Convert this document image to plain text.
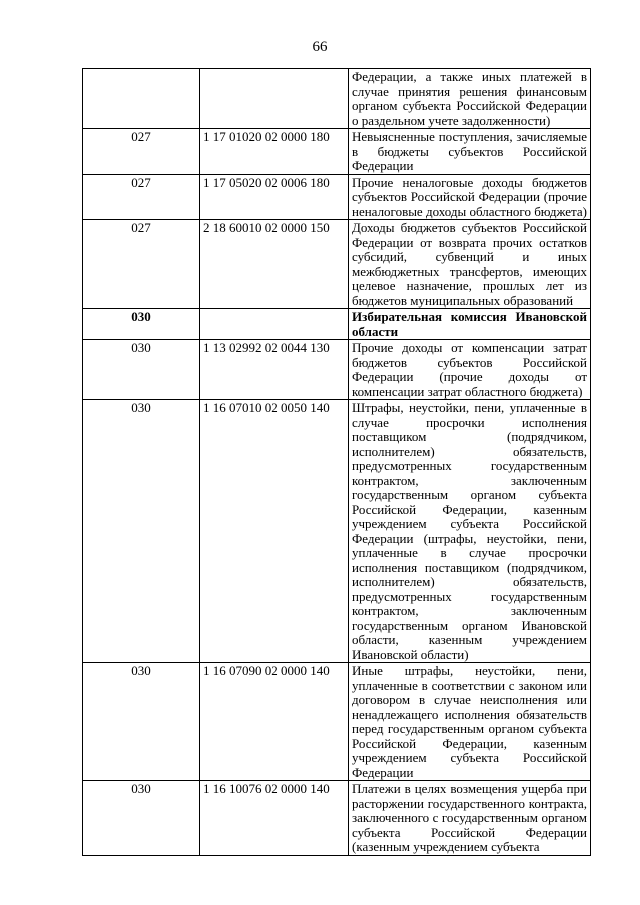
66
		Федерации, а также иных платежей в случае принятия решения финансовым органом субъекта Российской Федерации о раздельном учете задолженности)
027	1 17 01020 02 0000 180	Невыясненные поступления, зачисляемые в бюджеты субъектов Российской Федерации
027	1 17 05020 02 0006 180	Прочие неналоговые доходы бюджетов субъектов Российской Федерации (прочие неналоговые доходы областного бюджета)
027	2 18 60010 02 0000 150	Доходы бюджетов субъектов Российской Федерации от возврата прочих остатков субсидий, субвенций и иных межбюджетных трансфертов, имеющих целевое назначение, прошлых лет из бюджетов муниципальных образований
030		Избирательная комиссия Ивановской области
030	1 13 02992 02 0044 130	Прочие доходы от компенсации затрат бюджетов субъектов Российской Федерации (прочие доходы от компенсации затрат областного бюджета)
030	1 16 07010 02 0050 140	Штрафы, неустойки, пени, уплаченные в случае просрочки исполнения поставщиком (подрядчиком, исполнителем) обязательств, предусмотренных государственным контрактом, заключенным государственным органом субъекта Российской Федерации, казенным учреждением субъекта Российской Федерации (штрафы, неустойки, пени, уплаченные в случае просрочки исполнения поставщиком (подрядчиком, исполнителем) обязательств, предусмотренных государственным контрактом, заключенным государственным органом Ивановской области, казенным учреждением Ивановской области)
030	1 16 07090 02 0000 140	Иные штрафы, неустойки, пени, уплаченные в соответствии с законом или договором в случае неисполнения или ненадлежащего исполнения обязательств перед государственным органом субъекта Российской Федерации, казенным учреждением субъекта Российской Федерации
030	1 16 10076 02 0000 140	Платежи в целях возмещения ущерба при расторжении государственного контракта, заключенного с государственным органом субъекта Российской Федерации (казенным учреждением субъекта
